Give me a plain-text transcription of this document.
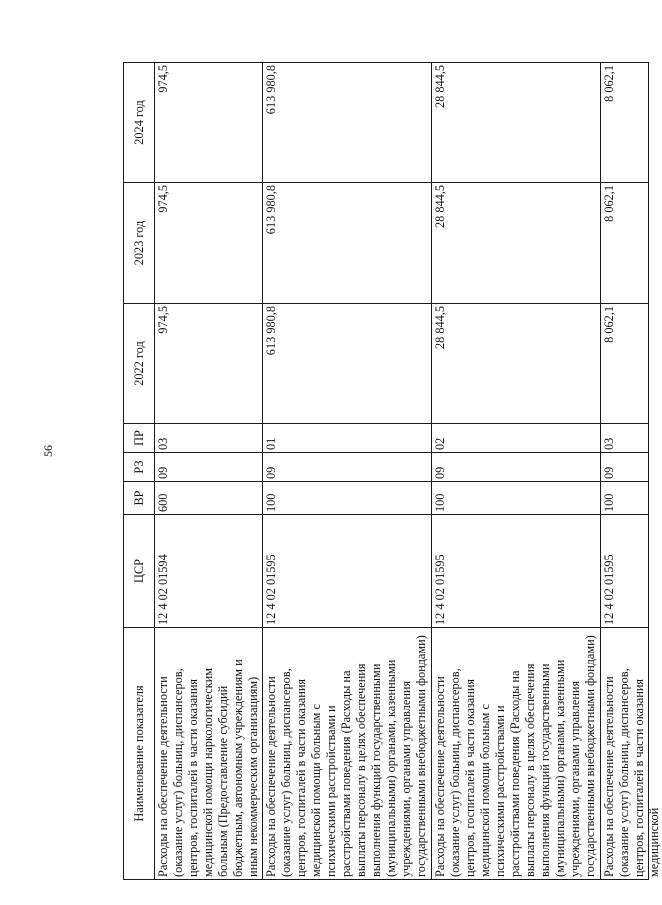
56
Наименование показателя	ЦСР	ВР	РЗ	ПР	2022 год	2023 год	2024 год
Расходы на обеспечение деятельности (оказание услуг) больниц, диспансеров, центров, госпиталей в части оказания медицинской помощи наркологическим больным (Предоставление субсидий бюджетным, автономным учреждениям и иным некоммерческим организациям)	12 4 02 01594	600	09	03	974,5	974,5	974,5
Расходы на обеспечение деятельности (оказание услуг) больниц, диспансеров, центров, госпиталей в части оказания медицинской помощи больным с психическими расстройствами и расстройствами поведения (Расходы на выплаты персоналу в целях обеспечения выполнения функций государственными (муниципальными) органами, казенными учреждениями, органами управления государственными внебюджетными фондами)	12 4 02 01595	100	09	01	613 980,8	613 980,8	613 980,8
Расходы на обеспечение деятельности (оказание услуг) больниц, диспансеров, центров, госпиталей в части оказания медицинской помощи больным с психическими расстройствами и расстройствами поведения (Расходы на выплаты персоналу в целях обеспечения выполнения функций государственными (муниципальными) органами, казенными учреждениями, органами управления государственными внебюджетными фондами)	12 4 02 01595	100	09	02	28 844,5	28 844,5	28 844,5

Расходы на обеспечение деятельности (оказание услуг) больниц, диспансеров, центров, госпиталей в части оказания медицинской	12 4 02 01595	100	09	03	8 062,1	8 062,1	8 062,1
